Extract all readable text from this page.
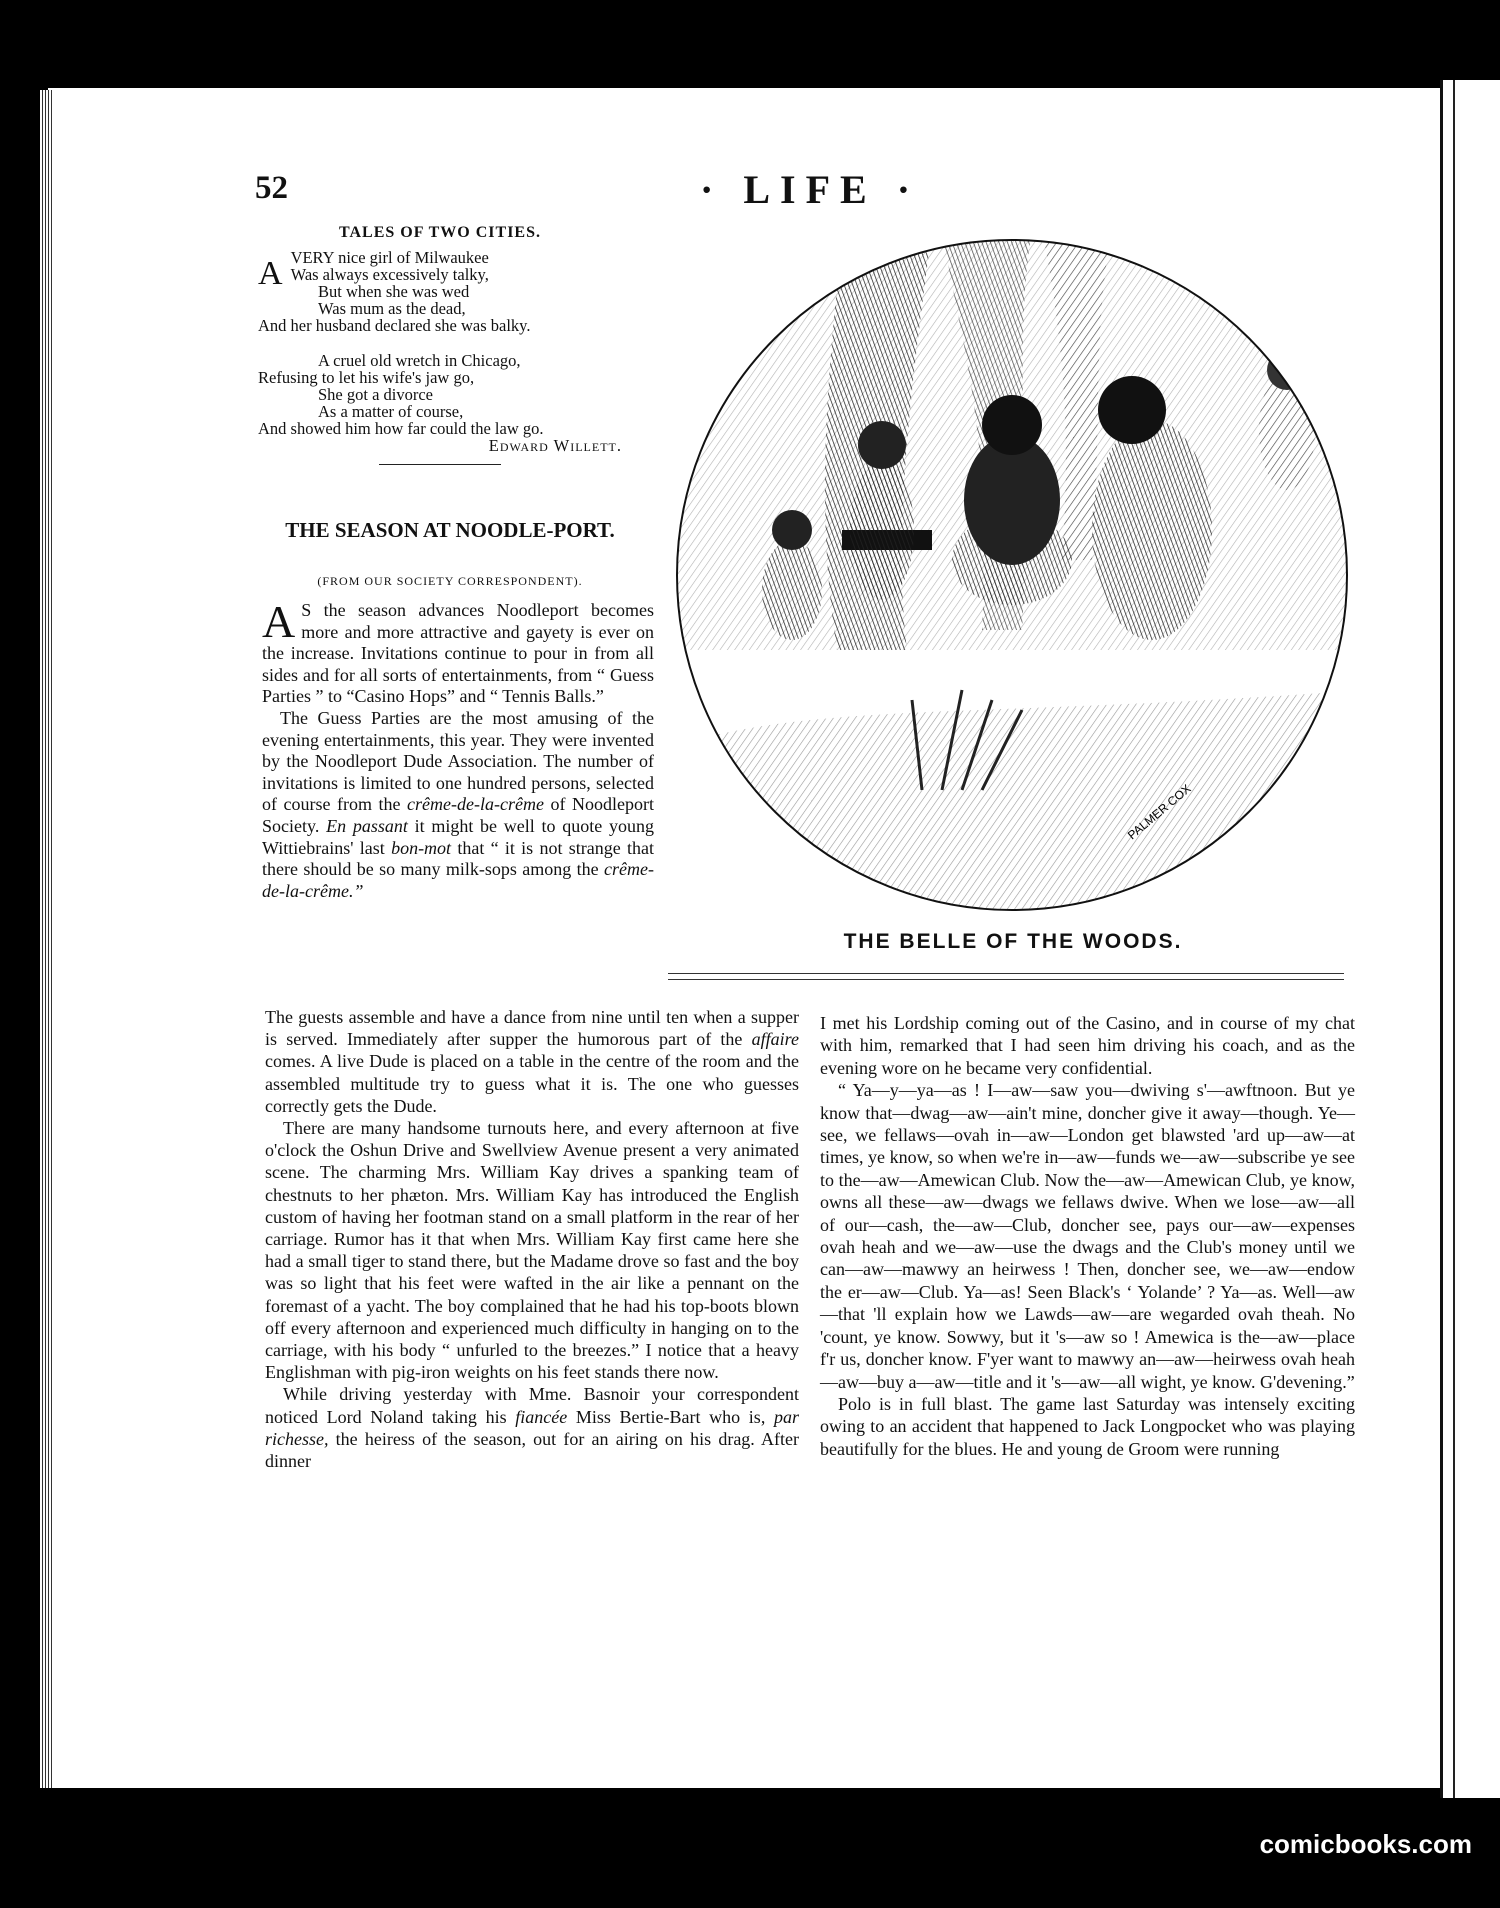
52	· LIFE ·
TALES OF TWO CITIES.
A VERY nice girl of Milwaukee

Was always excessively talky,

But when she was wed

Was mum as the dead,

And her husband declared she was balky.

A cruel old wretch in Chicago,

Refusing to let his wife's jaw go,

She got a divorce

As a matter of course,

And showed him how far could the law go.

Edward Willett.

THE SEASON AT NOODLE-PORT.
(FROM OUR SOCIETY CORRESPONDENT).

A S the season advances Noodleport becomes more and more attractive and gayety is ever on the increase. Invitations continue to pour in from all sides and for all sorts of entertainments, from “ Guess Parties ” to “Casino Hops” and “ Tennis Balls.”

The Guess Parties are the most amusing of the evening entertainments, this year. They were invented by the Noodleport Dude Association. The number of invitations is limited to one hundred persons, selected of course from the crême-de-la-crême of Noodleport Society. En passant it might be well to quote young Wittiebrains' last bon-mot that “ it is not strange that there should be so many milk-sops among the crême-de-la-crême.”

The guests assemble and have a dance from nine until ten when a supper is served. Immediately after supper the humorous part of the affaire comes. A live Dude is placed on a table in the centre of the room and the assembled multitude try to guess what it is. The one who guesses correctly gets the Dude.

There are many handsome turnouts here, and every afternoon at five o'clock the Oshun Drive and Swellview Avenue present a very animated scene. The charming Mrs. William Kay drives a spanking team of chestnuts to her phæton. Mrs. William Kay has introduced the English custom of having her footman stand on a small platform in the rear of her carriage. Rumor has it that when Mrs. William Kay first came here she had a small tiger to stand there, but the Madame drove so fast and the boy was so light that his feet were wafted in the air like a pennant on the foremast of a yacht. The boy complained that he had his top-boots blown off every afternoon and experienced much difficulty in hanging on to the carriage, with his body “ unfurled to the breezes.” I notice that a heavy Englishman with pig-iron weights on his feet stands there now.

While driving yesterday with Mme. Basnoir your correspondent noticed Lord Noland taking his fiancée Miss Bertie-Bart who is, par richesse, the heiress of the season, out for an airing on his drag. After dinner

I met his Lordship coming out of the Casino, and in course of my chat with him, remarked that I had seen him driving his coach, and as the evening wore on he became very confidential.

“ Ya—y—ya—as ! I—aw—saw you—dwiving s'—awftnoon. But ye know that—dwag—aw—ain't mine, doncher give it away—though. Ye—see, we fellaws—ovah in—aw—London get blawsted 'ard up—aw—at times, ye know, so when we're in—aw—funds we—aw—subscribe ye see to the—aw—Amewican Club. Now the—aw—Amewican Club, ye know, owns all these—aw—dwags we fellaws dwive. When we lose—aw—all of our—cash, the—aw—Club, doncher see, pays our—aw—expenses ovah heah and we—aw—use the dwags and the Club's money until we can—aw—mawwy an heirwess ! Then, doncher see, we—aw—endow the er—aw—Club. Ya—as! Seen Black's ‘ Yolande’ ? Ya—as. Well—aw—that 'll explain how we Lawds—aw—are wegarded ovah theah. No 'count, ye know. Sowwy, but it 's—aw so ! Amewica is the—aw—place f'r us, doncher know. F'yer want to mawwy an—aw—heirwess ovah heah—aw—buy a—aw—title and it 's—aw—all wight, ye know. G'devening.”

Polo is in full blast. The game last Saturday was intensely exciting owing to an accident that happened to Jack Longpocket who was playing beautifully for the blues. He and young de Groom were running

PALMER COX
THE BELLE OF THE WOODS.
comicbooks.com
